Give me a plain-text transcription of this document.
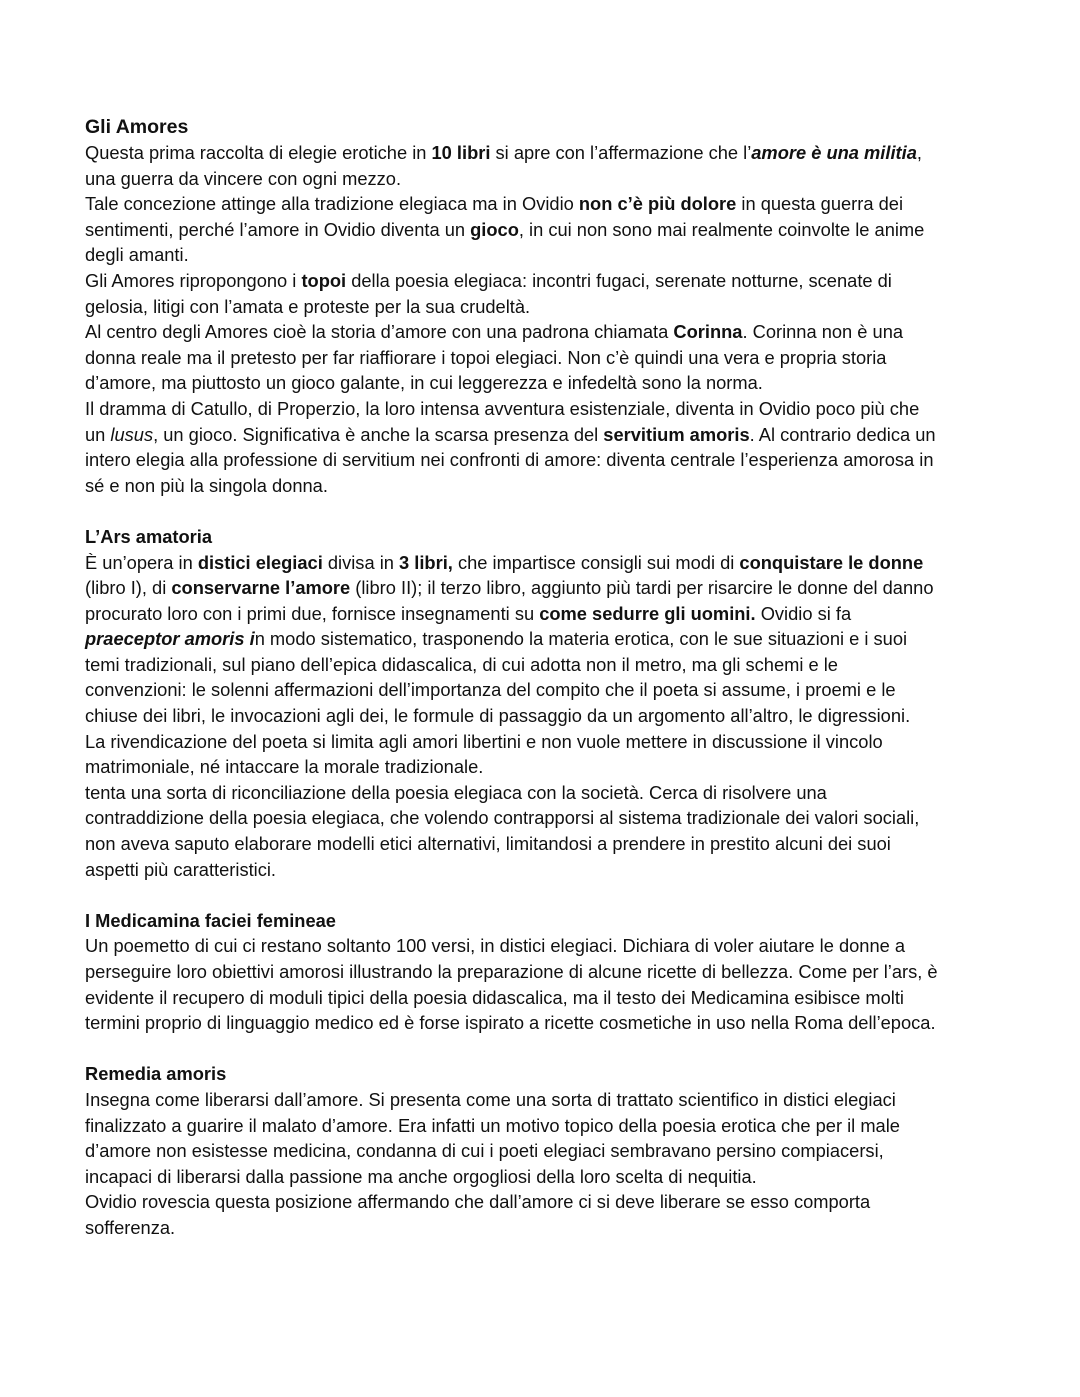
Gli Amores
Questa prima raccolta di elegie erotiche in 10 libri si apre con l’affermazione che l’amore è una militia,
una guerra da vincere con ogni mezzo.
Tale concezione attinge alla tradizione elegiaca ma in Ovidio non c’è più dolore in questa guerra dei
sentimenti, perché l’amore in Ovidio diventa un gioco, in cui non sono mai realmente coinvolte le anime
degli amanti.
Gli Amores ripropongono i topoi della poesia elegiaca: incontri fugaci, serenate notturne, scenate di
gelosia, litigi con l’amata e proteste per la sua crudeltà.
Al centro degli Amores cioè la storia d’amore con una padrona chiamata Corinna. Corinna non è una
donna reale ma il pretesto per far riaffiorare i topoi elegiaci. Non c’è quindi una vera e propria storia
d’amore, ma piuttosto un gioco galante, in cui leggerezza e infedeltà sono la norma.
Il dramma di Catullo, di Properzio, la loro intensa avventura esistenziale, diventa in Ovidio poco più che
un lusus, un gioco. Significativa è anche la scarsa presenza del servitium amoris. Al contrario dedica un
intero elegia alla professione di servitium nei confronti di amore: diventa centrale l’esperienza amorosa in
sé e non più la singola donna.
L’Ars amatoria
È un’opera in distici elegiaci divisa in 3 libri, che impartisce consigli sui modi di conquistare le donne
(libro I), di conservarne l’amore (libro II); il terzo libro, aggiunto più tardi per risarcire le donne del danno
procurato loro con i primi due, fornisce insegnamenti su come sedurre gli uomini. Ovidio si fa
praeceptor amoris in modo sistematico, trasponendo la materia erotica, con le sue situazioni e i suoi
temi tradizionali, sul piano dell’epica didascalica, di cui adotta non il metro, ma gli schemi e le
convenzioni: le solenni affermazioni dell’importanza del compito che il poeta si assume, i proemi e le
chiuse dei libri, le invocazioni agli dei, le formule di passaggio da un argomento all’altro, le digressioni.
La rivendicazione del poeta si limita agli amori libertini e non vuole mettere in discussione il vincolo
matrimoniale, né intaccare la morale tradizionale.
tenta una sorta di riconciliazione della poesia elegiaca con la società. Cerca di risolvere una
contraddizione della poesia elegiaca, che volendo contrapporsi al sistema tradizionale dei valori sociali,
non aveva saputo elaborare modelli etici alternativi, limitandosi a prendere in prestito alcuni dei suoi
aspetti più caratteristici.
I Medicamina faciei femineae
Un poemetto di cui ci restano soltanto 100 versi, in distici elegiaci. Dichiara di voler aiutare le donne a
perseguire loro obiettivi amorosi illustrando la preparazione di alcune ricette di bellezza. Come per l’ars, è
evidente il recupero di moduli tipici della poesia didascalica, ma il testo dei Medicamina esibisce molti
termini proprio di linguaggio medico ed è forse ispirato a ricette cosmetiche in uso nella Roma dell’epoca.
Remedia amoris
Insegna come liberarsi dall’amore. Si presenta come una sorta di trattato scientifico in distici elegiaci
finalizzato a guarire il malato d’amore. Era infatti un motivo topico della poesia erotica che per il male
d’amore non esistesse medicina, condanna di cui i poeti elegiaci sembravano persino compiacersi,
incapaci di liberarsi dalla passione ma anche orgogliosi della loro scelta di nequitia.
Ovidio rovescia questa posizione affermando che dall’amore ci si deve liberare se esso comporta
sofferenza.
